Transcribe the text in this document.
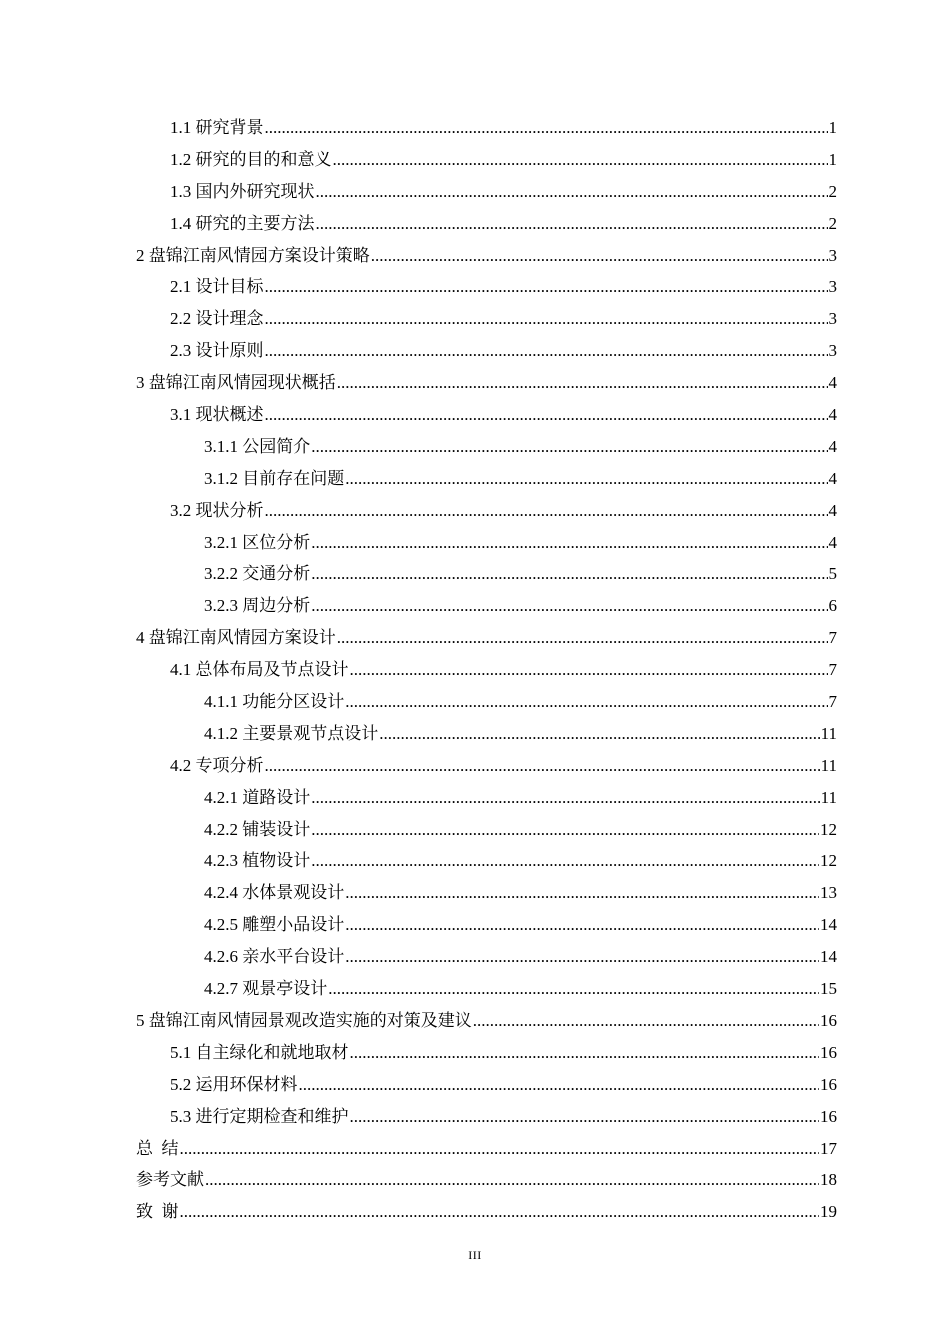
1.1 研究背景 .....	1
1.2 研究的目的和意义 .....	1
1.3 国内外研究现状 .....	2
1.4 研究的主要方法 .....	2
2 盘锦江南风情园方案设计策略 .....	3
2.1 设计目标 .....	3
2.2 设计理念 .....	3
2.3 设计原则 .....	3
3 盘锦江南风情园现状概括 .....	4
3.1 现状概述 .....	4
3.1.1 公园简介 .....	4
3.1.2 目前存在问题 .....	4
3.2 现状分析 .....	4
3.2.1 区位分析 .....	4
3.2.2 交通分析 .....	5
3.2.3 周边分析 .....	6
4 盘锦江南风情园方案设计 .....	7
4.1 总体布局及节点设计 .....	7
4.1.1 功能分区设计 .....	7
4.1.2 主要景观节点设计 .....	11
4.2 专项分析 .....	11
4.2.1 道路设计 .....	11
4.2.2 铺装设计 .....	12
4.2.3 植物设计 .....	12
4.2.4 水体景观设计 .....	13
4.2.5 雕塑小品设计 .....	14
4.2.6 亲水平台设计 .....	14
4.2.7 观景亭设计 .....	15
5 盘锦江南风情园景观改造实施的对策及建议 .....	16
5.1 自主绿化和就地取材 .....	16
5.2 运用环保材料 .....	16
5.3 进行定期检查和维护 .....	16
总  结 .....	17
参考文献 .....	18
致  谢 .....	19
III
